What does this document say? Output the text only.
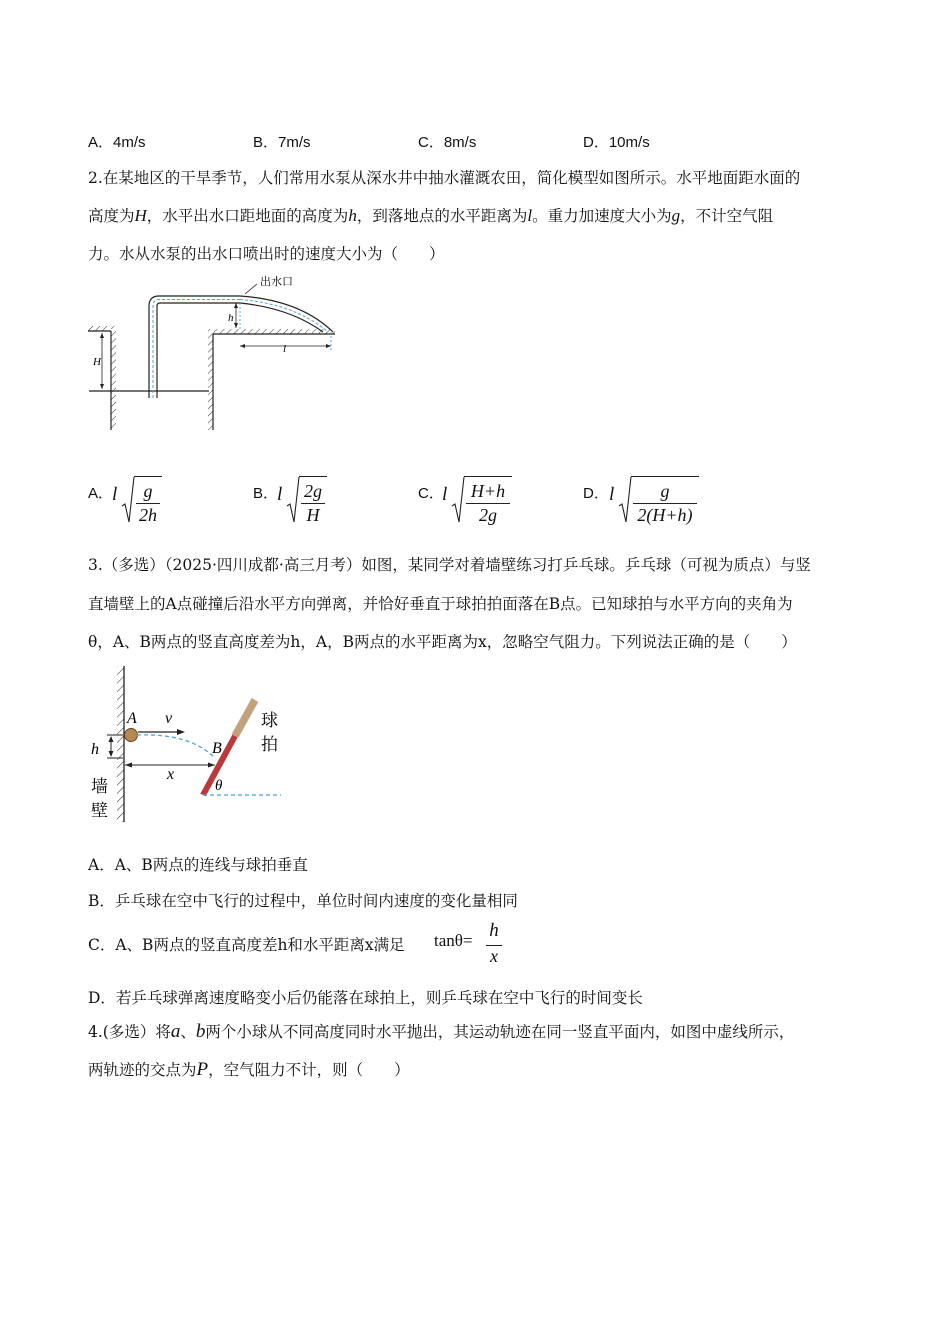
A．4m/s	B．7m/s	C．8m/s	D．10m/s
2.在某地区的干旱季节，人们常用水泵从深水井中抽水灌溉农田，简化模型如图所示。水平地面距水面的
高度为H，水平出水口距地面的高度为h，到落地点的水平距离为l。重力加速度大小为g，不计空气阻
力。水从水泵的出水口喷出时的速度大小为（　　）
出水口
h
l
H
A．
l	g
2h
B．
l 2g
H
C．
l	H+h
2g
D． l	g
2(H+h)
3.（多选）（2025·四川成都·高三月考）如图，某同学对着墙壁练习打乒乓球。乒乓球（可视为质点）与竖
直墙壁上的A点碰撞后沿水平方向弹离，并恰好垂直于球拍拍面落在B点。已知球拍与水平方向的夹角为
θ，A、B两点的竖直高度差为h，A，B两点的水平距离为x，忽略空气阻力。下列说法正确的是（　　）
A v
h	B
x
θ
墙壁
球拍
A．A、B两点的连线与球拍垂直
B．乒乓球在空中飞行的过程中，单位时间内速度的变化量相同
C．A、B两点的竖直高度差h和水平距离x满足 tanθ= h
x
D．若乒乓球弹离速度略变小后仍能落在球拍上，则乒乓球在空中飞行的时间变长
4.(多选）将a、b两个小球从不同高度同时水平抛出，其运动轨迹在同一竖直平面内，如图中虚线所示，
两轨迹的交点为P，空气阻力不计，则（　　）
